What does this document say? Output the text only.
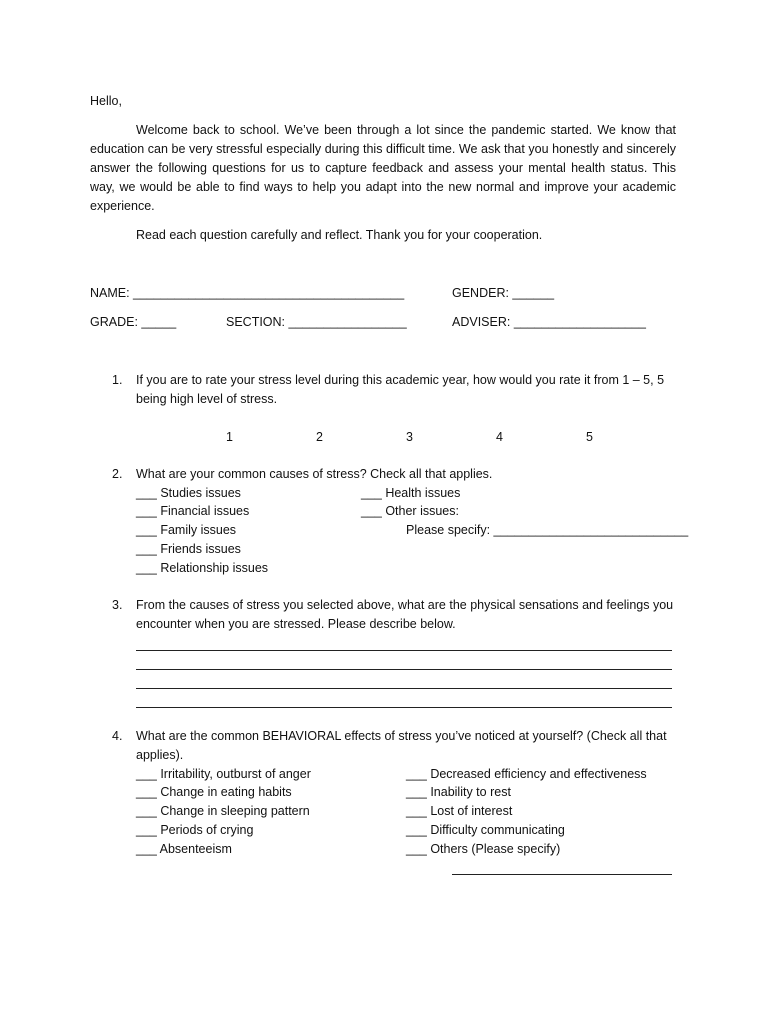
Hello,
Welcome back to school. We’ve been through a lot since the pandemic started. We know that education can be very stressful especially during this difficult time. We ask that you honestly and sincerely answer the following questions for us to capture feedback and assess your mental health status. This way, we would be able to find ways to help you adapt into the new normal and improve your academic experience.
Read each question carefully and reflect. Thank you for your cooperation.
NAME: _______________________________________	GENDER: ______
GRADE: _____	SECTION: _________________	ADVISER: ___________________
1. If you are to rate your stress level during this academic year, how would you rate it from 1 – 5, 5 being high level of stress.
1	2	3	4	5
2. What are your common causes of stress? Check all that applies.
___ Studies issues
___ Financial issues
___ Family issues
___ Friends issues
___ Relationship issues
___ Health issues
___ Other issues:
Please specify: ____________________________
3. From the causes of stress you selected above, what are the physical sensations and feelings you encounter when you are stressed. Please describe below.
4. What are the common BEHAVIORAL effects of stress you’ve noticed at yourself? (Check all that applies).
___ Irritability, outburst of anger
___ Change in eating habits
___ Change in sleeping pattern
___ Periods of crying
___ Absenteeism
___ Decreased efficiency and effectiveness
___ Inability to rest
___ Lost of interest
___ Difficulty communicating
___ Others (Please specify)
